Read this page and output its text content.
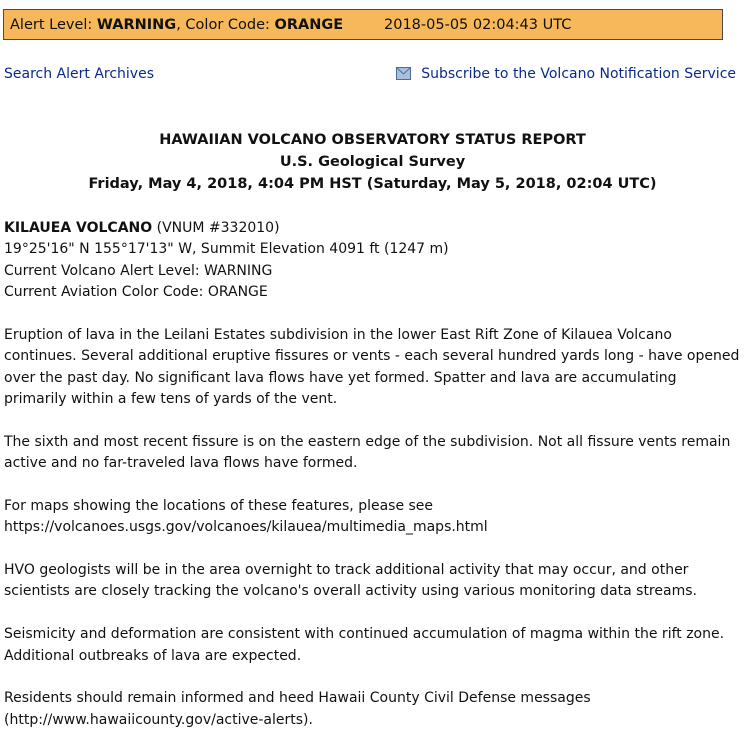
Alert Level: WARNING, Color Code: ORANGE	2018-05-05 02:04:43 UTC
Search Alert Archives	Subscribe to the Volcano Notification Service
HAWAIIAN VOLCANO OBSERVATORY STATUS REPORT
U.S. Geological Survey
Friday, May 4, 2018, 4:04 PM HST (Saturday, May 5, 2018, 02:04 UTC)

KILAUEA VOLCANO (VNUM #332010)
19°25'16" N 155°17'13" W, Summit Elevation 4091 ft (1247 m)
Current Volcano Alert Level: WARNING
Current Aviation Color Code: ORANGE

Eruption of lava in the Leilani Estates subdivision in the lower East Rift Zone of Kilauea Volcano continues. Several additional eruptive fissures or vents - each several hundred yards long - have opened over the past day. No significant lava flows have yet formed. Spatter and lava are accumulating primarily within a few tens of yards of the vent.

The sixth and most recent fissure is on the eastern edge of the subdivision. Not all fissure vents remain active and no far-traveled lava flows have formed.

For maps showing the locations of these features, please see https://volcanoes.usgs.gov/volcanoes/kilauea/multimedia_maps.html

HVO geologists will be in the area overnight to track additional activity that may occur, and other scientists are closely tracking the volcano's overall activity using various monitoring data streams.

Seismicity and deformation are consistent with continued accumulation of magma within the rift zone. Additional outbreaks of lava are expected.

Residents should remain informed and heed Hawaii County Civil Defense messages (http://www.hawaiicounty.gov/active-alerts).
